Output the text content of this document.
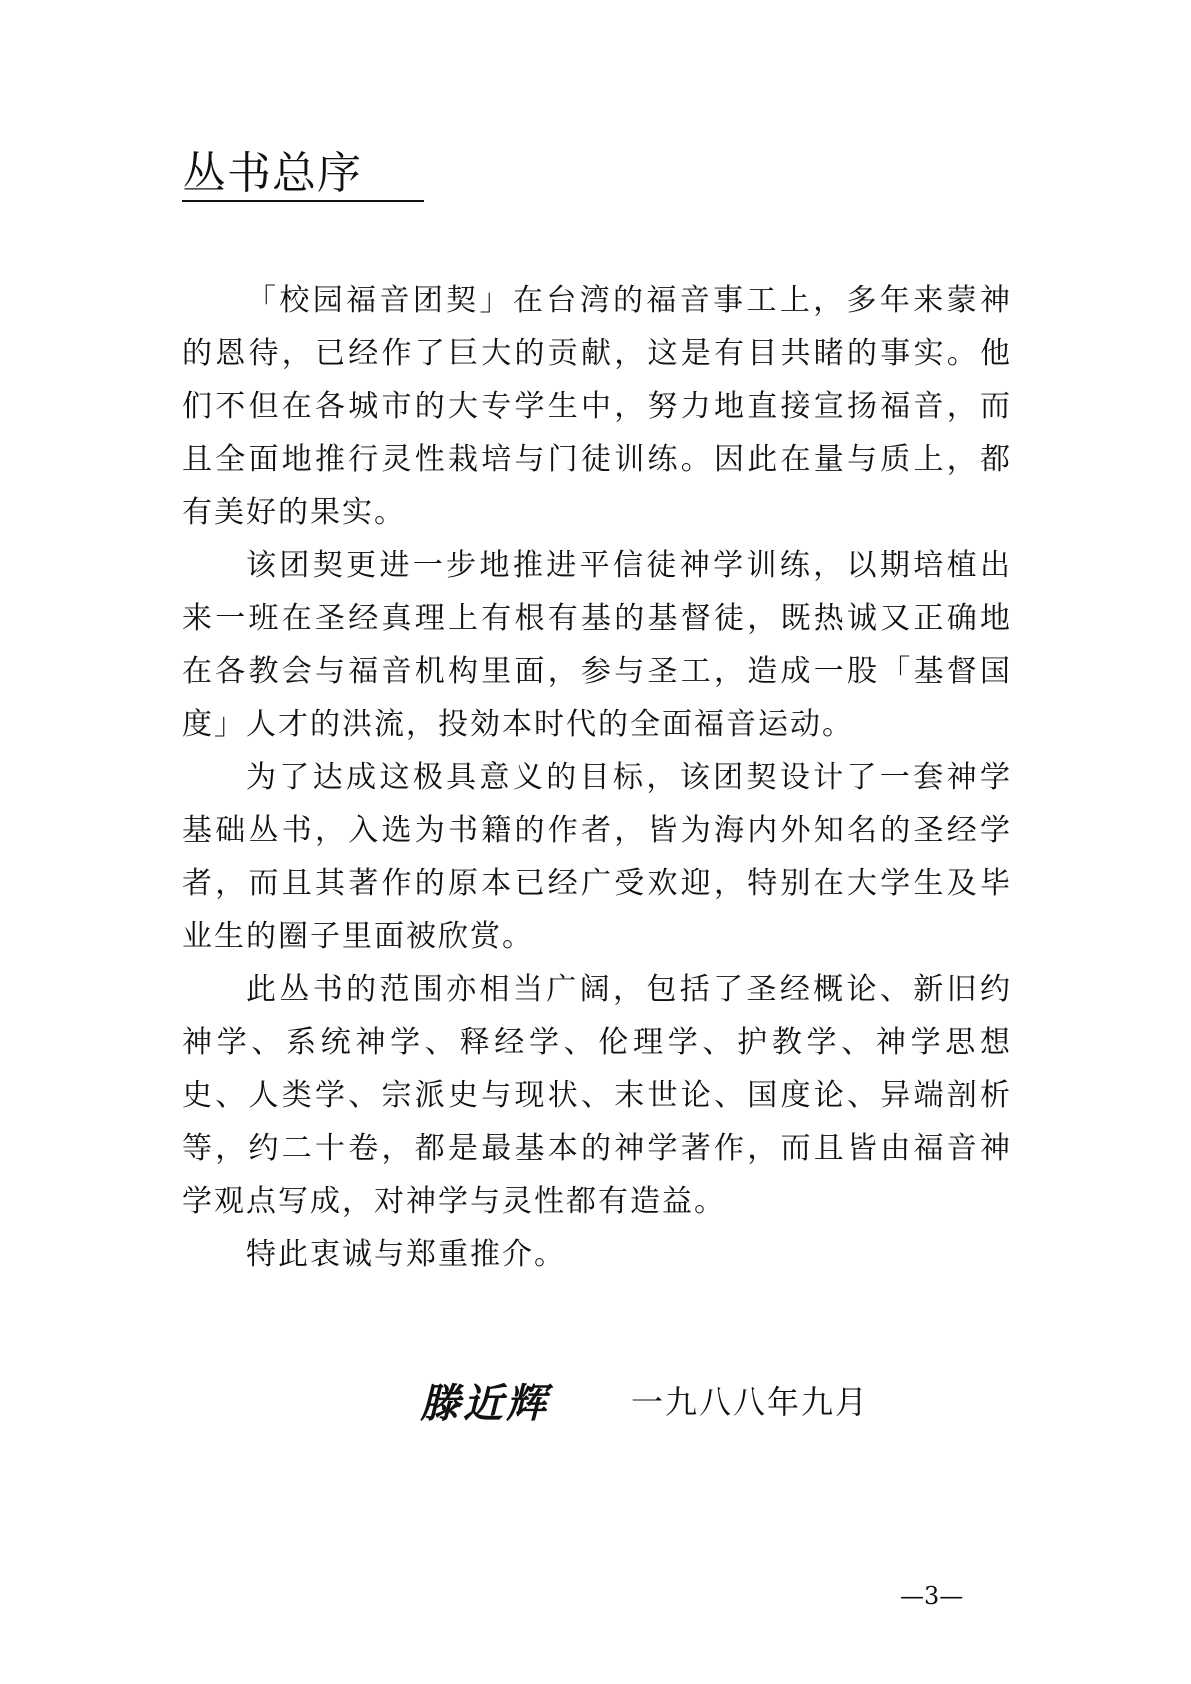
丛书总序

「校园福音团契」在台湾的福音事工上，多年来蒙神的恩待，已经作了巨大的贡献，这是有目共睹的事实。他们不但在各城市的大专学生中，努力地直接宣扬福音，而且全面地推行灵性栽培与门徒训练。因此在量与质上，都有美好的果实。

该团契更进一步地推进平信徒神学训练，以期培植出来一班在圣经真理上有根有基的基督徒，既热诚又正确地在各教会与福音机构里面，参与圣工，造成一股「基督国度」人才的洪流，投効本时代的全面福音运动。

为了达成这极具意义的目标，该团契设计了一套神学基础丛书，入选为书籍的作者，皆为海内外知名的圣经学者，而且其著作的原本已经广受欢迎，特别在大学生及毕业生的圈子里面被欣赏。

此丛书的范围亦相当广阔，包括了圣经概论、新旧约神学、系统神学、释经学、伦理学、护教学、神学思想史、人类学、宗派史与现状、末世论、国度论、异端剖析等，约二十卷，都是最基本的神学著作，而且皆由福音神学观点写成，对神学与灵性都有造益。

特此衷诚与郑重推介。

滕近辉	一九八八年九月
—3—
